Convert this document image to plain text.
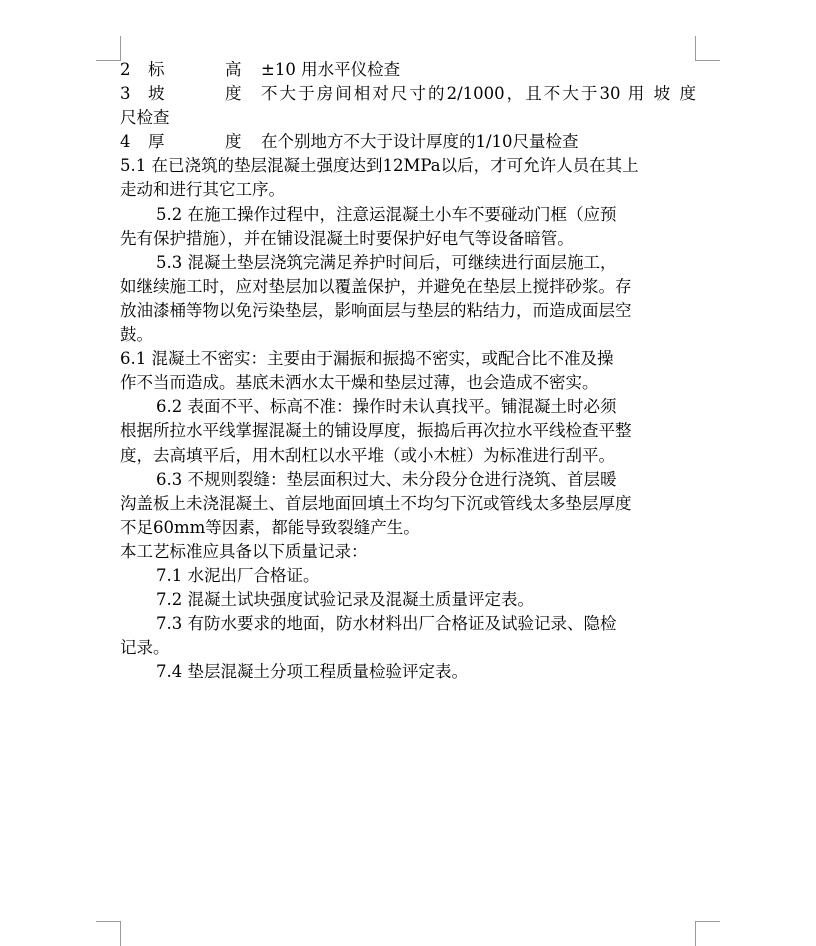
2	标	高	±10 用水平仪检查
3	坡	度	不大于房间相对尺寸的2/1000，且不大于30 用 坡 度
尺检查
4	厚	度	在个别地方不大于设计厚度的1/10尺量检查
5.1 在已浇筑的垫层混凝土强度达到12MPa以后，才可允许人员在其上
走动和进行其它工序。
5.2 在施工操作过程中，注意运混凝土小车不要碰动门框（应预
先有保护措施），并在铺设混凝土时要保护好电气等设备暗管。
5.3 混凝土垫层浇筑完满足养护时间后，可继续进行面层施工，
如继续施工时，应对垫层加以覆盖保护，并避免在垫层上搅拌砂浆。存
放油漆桶等物以免污染垫层，影响面层与垫层的粘结力，而造成面层空
鼓。
6.1 混凝土不密实：主要由于漏振和振捣不密实，或配合比不准及操
作不当而造成。基底未洒水太干燥和垫层过薄，也会造成不密实。
6.2 表面不平、标高不准：操作时未认真找平。铺混凝土时必须
根据所拉水平线掌握混凝土的铺设厚度，振捣后再次拉水平线检查平整
度，去高填平后，用木刮杠以水平堆（或小木桩）为标准进行刮平。
6.3 不规则裂缝：垫层面积过大、未分段分仓进行浇筑、首层暖
沟盖板上未浇混凝土、首层地面回填土不均匀下沉或管线太多垫层厚度
不足60mm等因素，都能导致裂缝产生。
本工艺标准应具备以下质量记录：
7.1 水泥出厂合格证。
7.2 混凝土试块强度试验记录及混凝土质量评定表。
7.3 有防水要求的地面，防水材料出厂合格证及试验记录、隐检
记录。
7.4 垫层混凝土分项工程质量检验评定表。
